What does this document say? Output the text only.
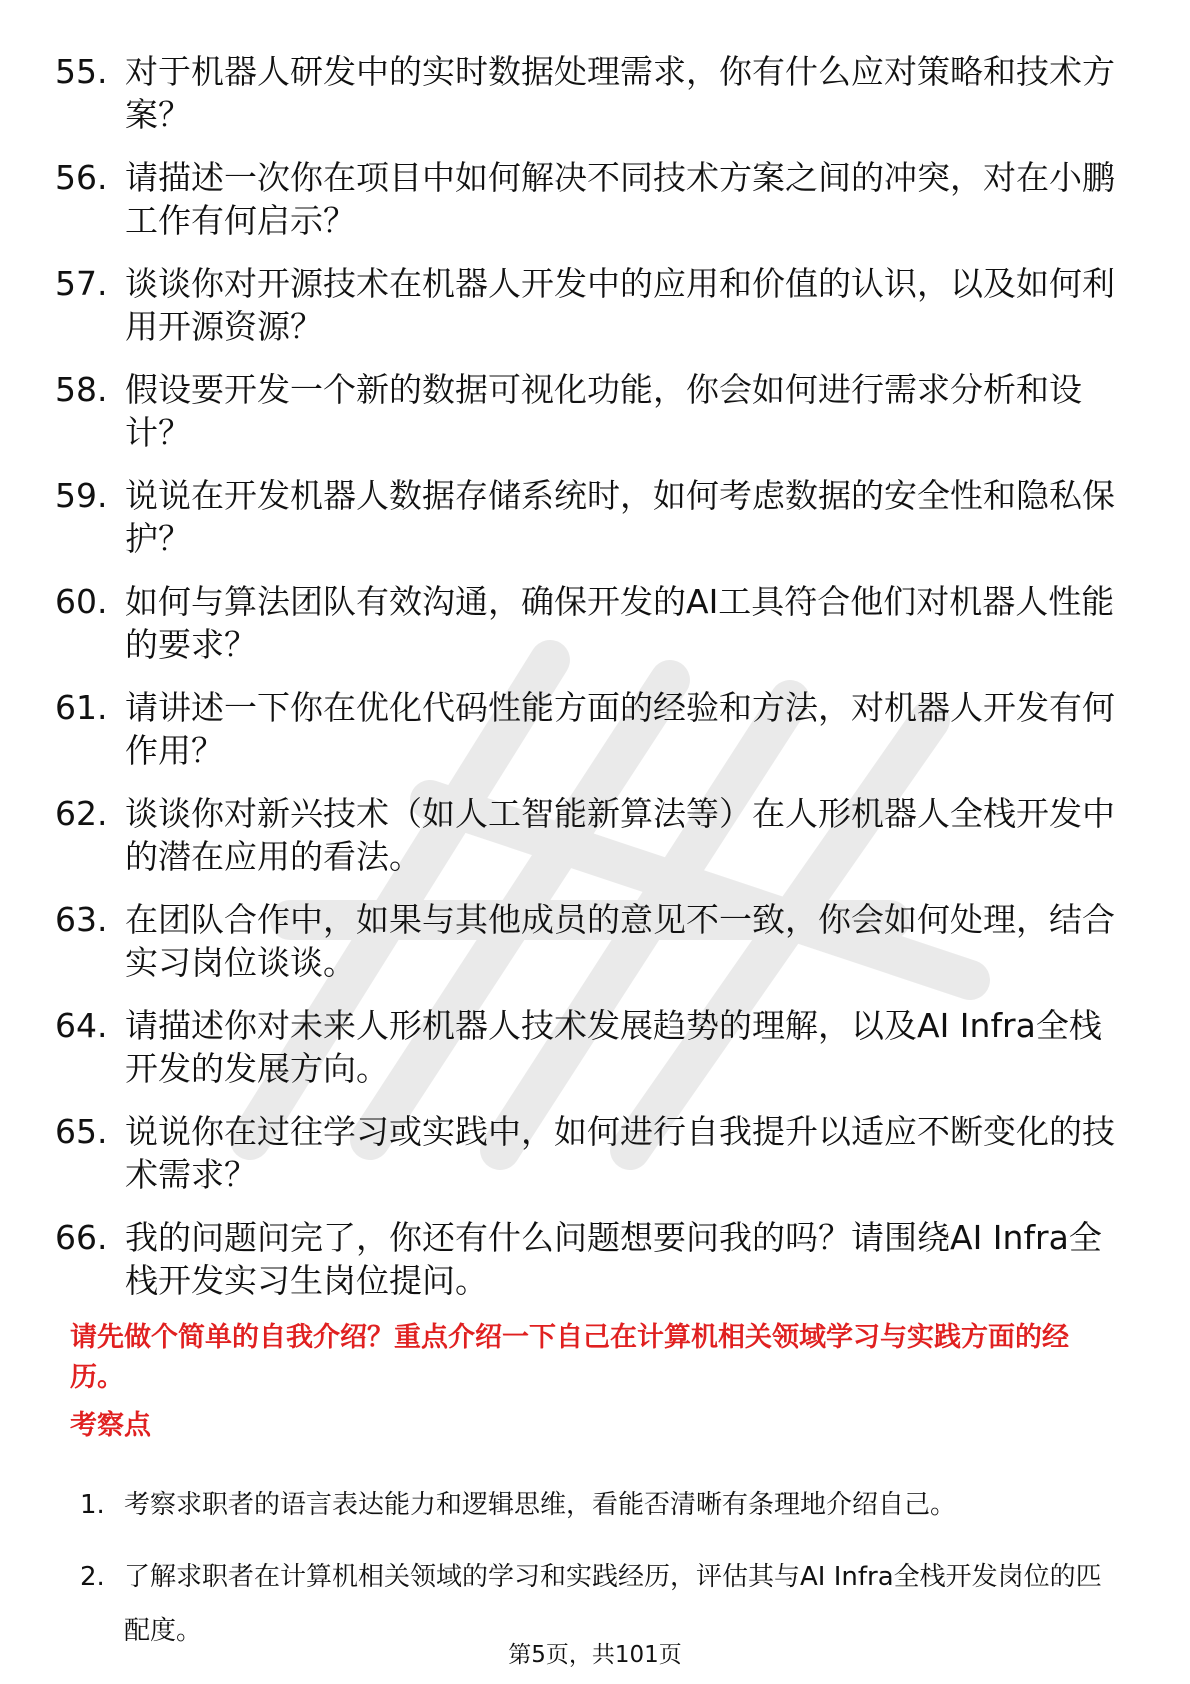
55. 对于机器人研发中的实时数据处理需求，你有什么应对策略和技术方案？
56. 请描述一次你在项目中如何解决不同技术方案之间的冲突，对在小鹏工作有何启示？
57. 谈谈你对开源技术在机器人开发中的应用和价值的认识，以及如何利用开源资源？
58. 假设要开发一个新的数据可视化功能，你会如何进行需求分析和设计？
59. 说说在开发机器人数据存储系统时，如何考虑数据的安全性和隐私保护？
60. 如何与算法团队有效沟通，确保开发的AI工具符合他们对机器人性能的要求？
61. 请讲述一下你在优化代码性能方面的经验和方法，对机器人开发有何作用？
62. 谈谈你对新兴技术（如人工智能新算法等）在人形机器人全栈开发中的潜在应用的看法。
63. 在团队合作中，如果与其他成员的意见不一致，你会如何处理，结合实习岗位谈谈。
64. 请描述你对未来人形机器人技术发展趋势的理解，以及AI Infra全栈开发的发展方向。
65. 说说你在过往学习或实践中，如何进行自我提升以适应不断变化的技术需求？
66. 我的问题问完了，你还有什么问题想要问我的吗？请围绕AI Infra全栈开发实习生岗位提问。

请先做个简单的自我介绍？重点介绍一下自己在计算机相关领域学习与实践方面的经历。

考察点
1. 考察求职者的语言表达能力和逻辑思维，看能否清晰有条理地介绍自己。
2. 了解求职者在计算机相关领域的学习和实践经历，评估其与AI Infra全栈开发岗位的匹配度。
第5页，共101页
